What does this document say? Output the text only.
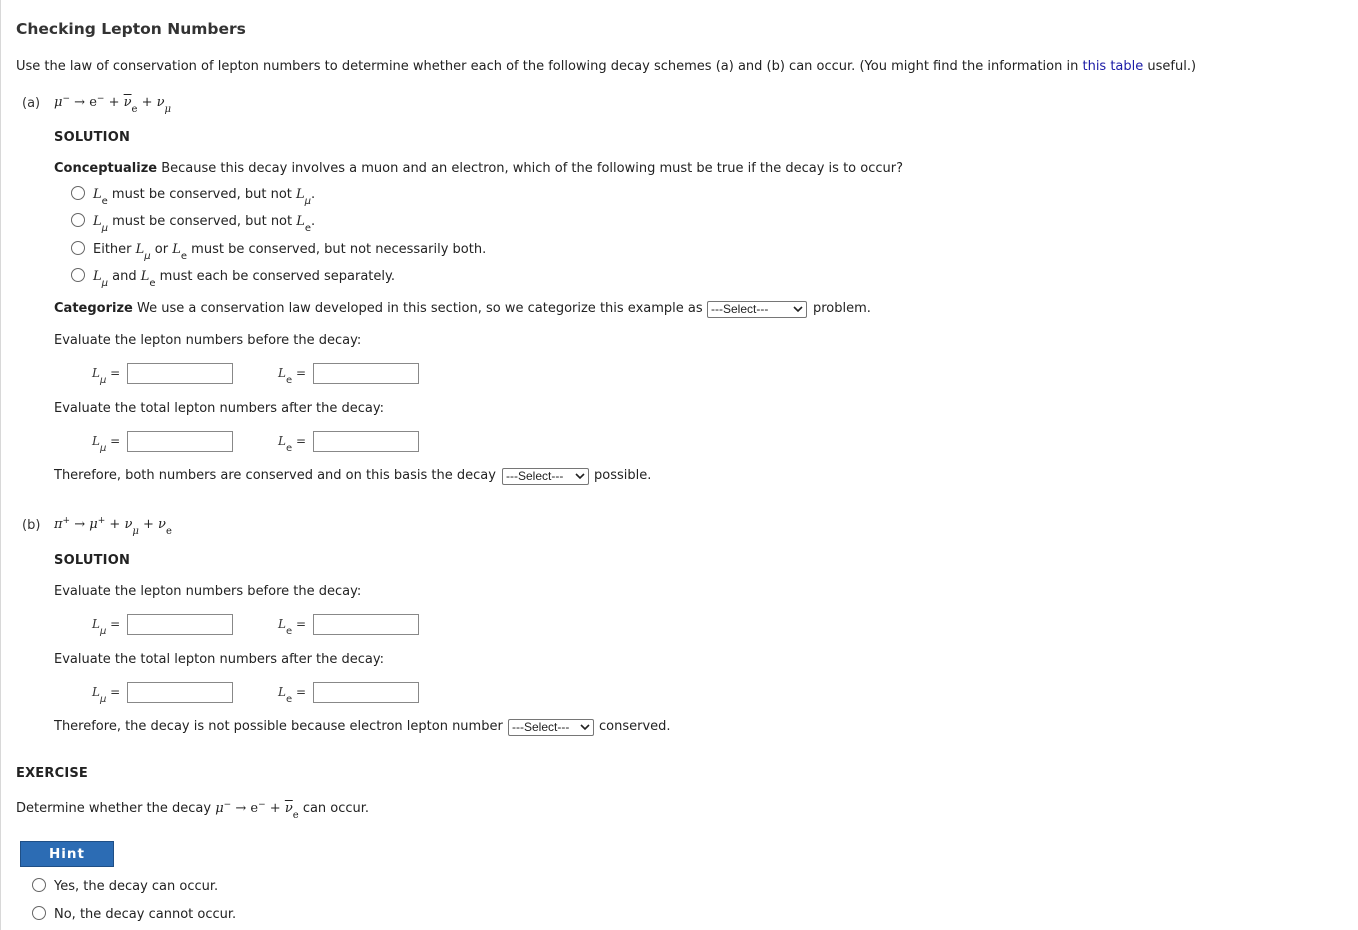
Checking Lepton Numbers
Use the law of conservation of lepton numbers to determine whether each of the following decay schemes (a) and (b) can occur. (You might find the information in this table useful.)
(a) $\mu^- \to e^- + \overline{\nu}_e + \nu_\mu$
SOLUTION
Conceptualize Because this decay involves a muon and an electron, which of the following must be true if the decay is to occur?
$L_e$ must be conserved, but not $L_\mu$.
$L_\mu$ must be conserved, but not $L_e$.
Either $L_\mu$ or $L_e$ must be conserved, but not necessarily both.
$L_\mu$ and $L_e$ must each be conserved separately.
Categorize We use a conservation law developed in this section, so we categorize this example as ---Select---	problem.
Evaluate the lepton numbers before the decay:
$L_\mu$ =	$L_e$ =
Evaluate the total lepton numbers after the decay:
$L_\mu$ =	$L_e$ =
Therefore, both numbers are conserved and on this basis the decay ---Select---	possible.
(b) $\pi^+ \to \mu^+ + \nu_\mu + \nu_e$
SOLUTION
Evaluate the lepton numbers before the decay:
$L_\mu$ =	$L_e$ =
Evaluate the total lepton numbers after the decay:
$L_\mu$ =	$L_e$ =
Therefore, the decay is not possible because electron lepton number ---Select---	conserved.
EXERCISE
Determine whether the decay $\mu^- \to e^- + \overline{\nu}_e$ can occur.
Hint
Yes, the decay can occur.
No, the decay cannot occur.
